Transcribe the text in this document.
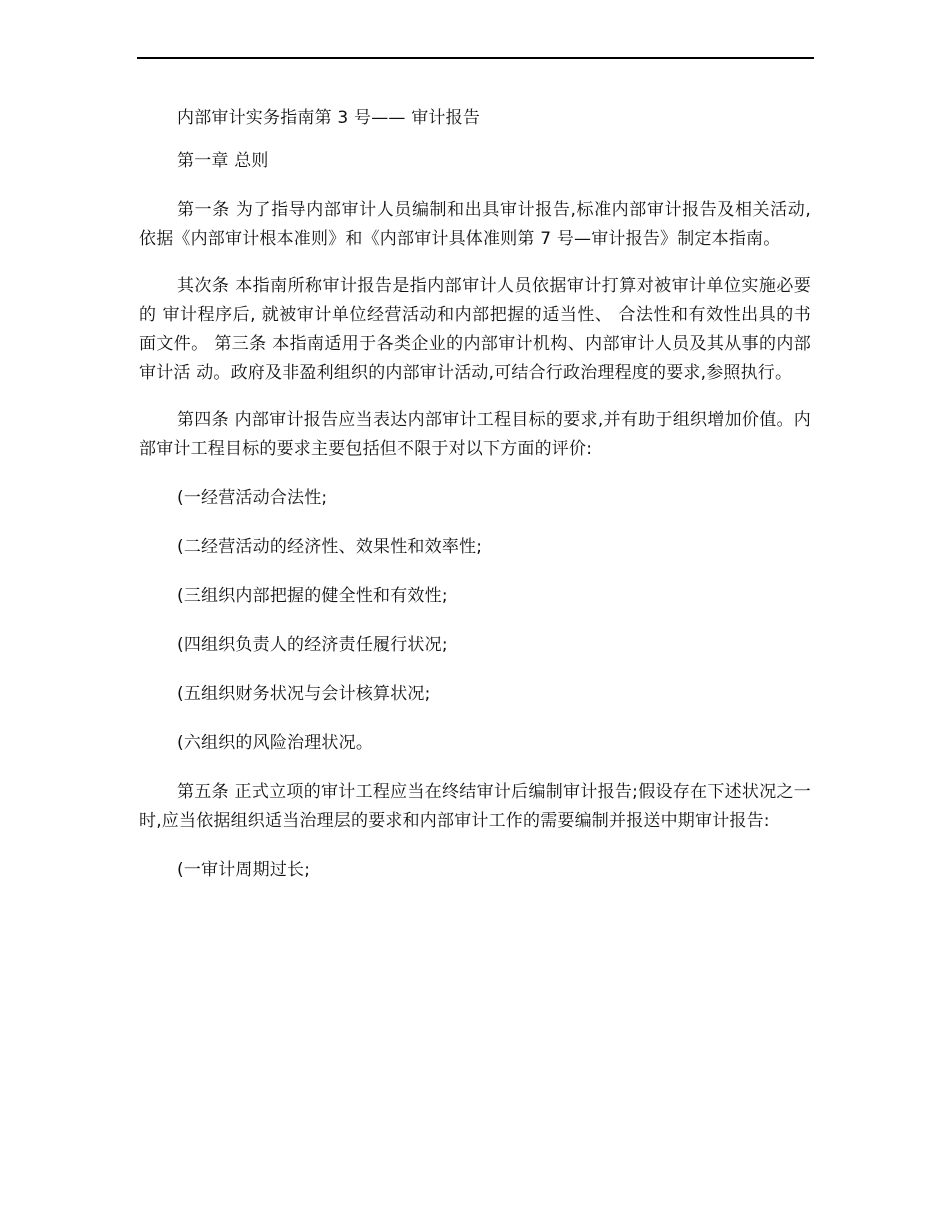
内部审计实务指南第 3 号—— 审计报告

第一章 总则

第一条 为了指导内部审计人员编制和出具审计报告,标准内部审计报告及相关活动, 依据《内部审计根本准则》和《内部审计具体准则第 7 号—审计报告》制定本指南。

其次条 本指南所称审计报告是指内部审计人员依据审计打算对被审计单位实施必要的 审计程序后, 就被审计单位经营活动和内部把握的适当性、 合法性和有效性出具的书面文件。 第三条 本指南适用于各类企业的内部审计机构、内部审计人员及其从事的内部审计活 动。政府及非盈利组织的内部审计活动,可结合行政治理程度的要求,参照执行。

第四条 内部审计报告应当表达内部审计工程目标的要求,并有助于组织增加价值。内 部审计工程目标的要求主要包括但不限于对以下方面的评价:

(一经营活动合法性;

(二经营活动的经济性、效果性和效率性;

(三组织内部把握的健全性和有效性;

(四组织负责人的经济责任履行状况;

(五组织财务状况与会计核算状况;

(六组织的风险治理状况。

第五条 正式立项的审计工程应当在终结审计后编制审计报告;假设存在下述状况之一 时,应当依据组织适当治理层的要求和内部审计工作的需要编制并报送中期审计报告:

(一审计周期过长;
